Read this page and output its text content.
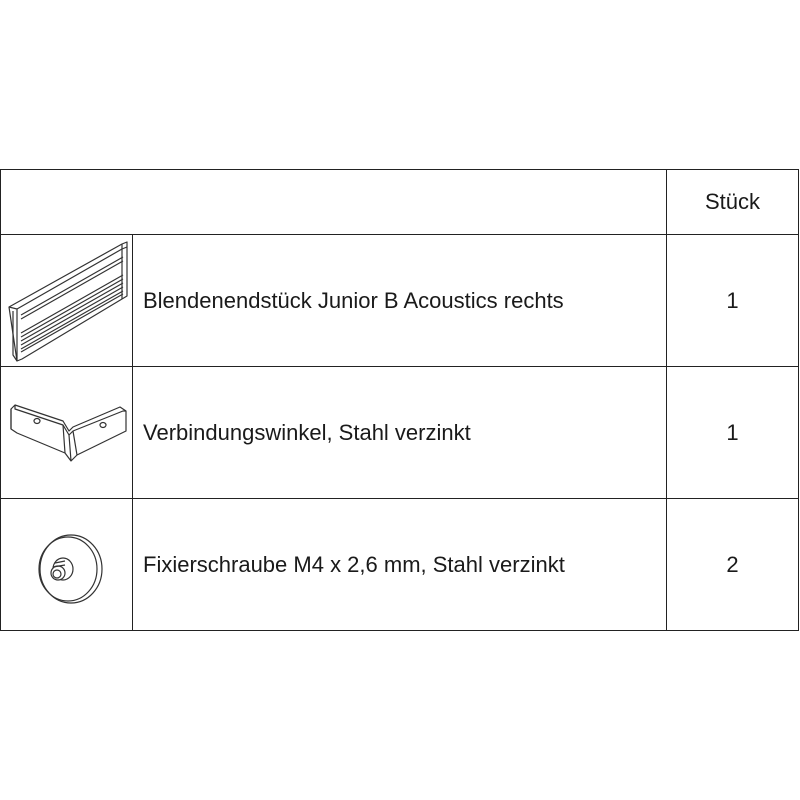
		Stück

	Blendenendstück Junior B Acoustics rechts	1

	Verbindungswinkel, Stahl verzinkt	1

	Fixierschraube M4 x 2,6 mm, Stahl verzinkt	2
